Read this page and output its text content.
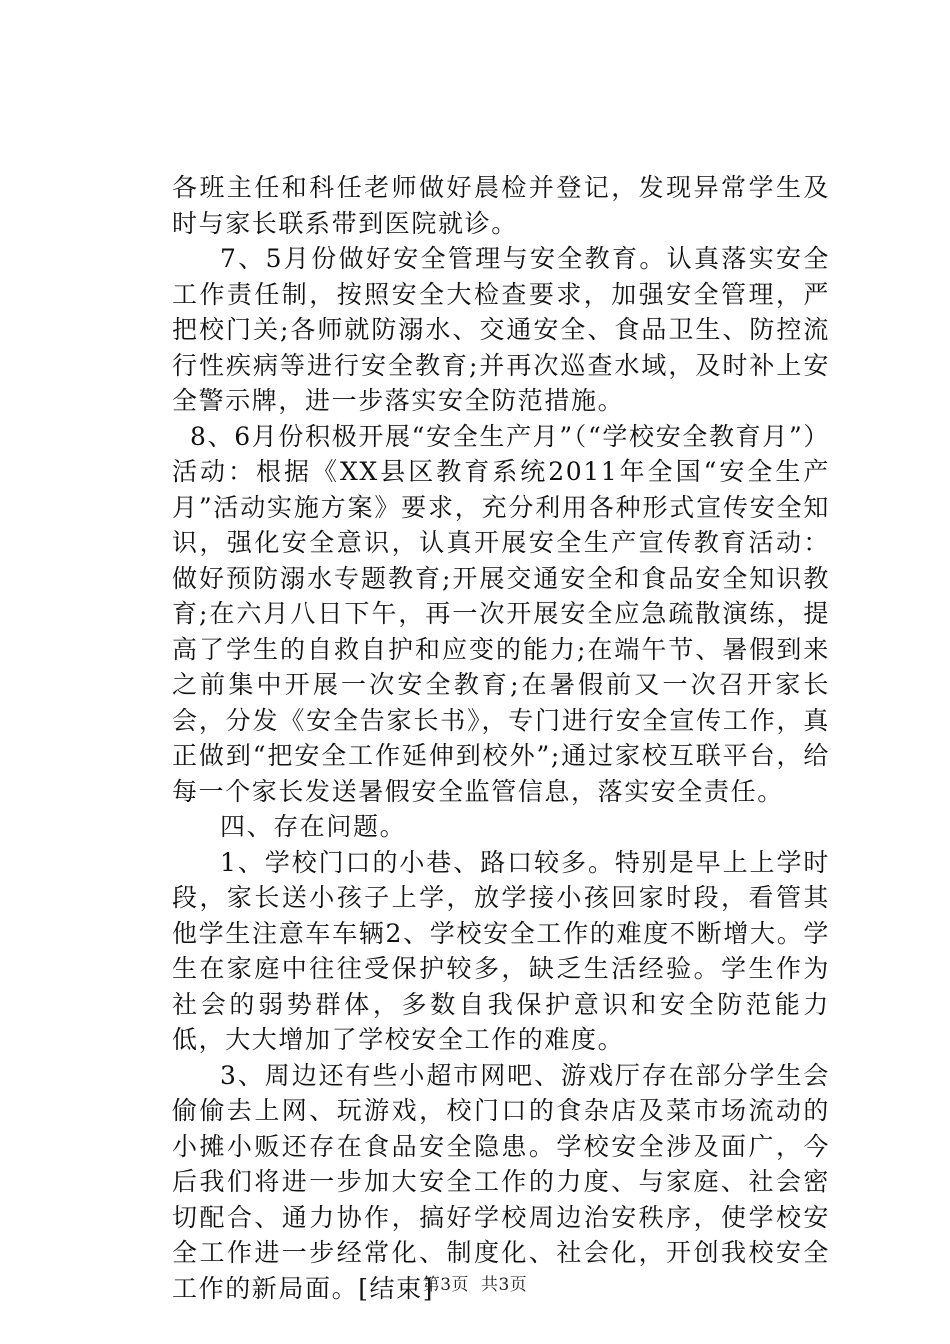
各班主任和科任老师做好晨检并登记，发现异常学生及时与家长联系带到医院就诊。

7、5月份做好安全管理与安全教育。认真落实安全工作责任制，按照安全大检查要求，加强安全管理，严把校门关;各师就防溺水、交通安全、食品卫生、防控流行性疾病等进行安全教育;并再次巡查水域，及时补上安全警示牌，进一步落实安全防范措施。

8、6月份积极开展“安全生产月”（“学校安全教育月”）活动：根据《XX县区教育系统2011年全国“安全生产月”活动实施方案》要求，充分利用各种形式宣传安全知识，强化安全意识，认真开展安全生产宣传教育活动：做好预防溺水专题教育;开展交通安全和食品安全知识教育;在六月八日下午，再一次开展安全应急疏散演练，提高了学生的自救自护和应变的能力;在端午节、暑假到来之前集中开展一次安全教育;在暑假前又一次召开家长会，分发《安全告家长书》，专门进行安全宣传工作，真正做到“把安全工作延伸到校外”;通过家校互联平台，给每一个家长发送暑假安全监管信息，落实安全责任。

四、存在问题。

1、学校门口的小巷、路口较多。特别是早上上学时段，家长送小孩子上学，放学接小孩回家时段，看管其他学生注意车车辆2、学校安全工作的难度不断增大。学生在家庭中往往受保护较多，缺乏生活经验。学生作为社会的弱势群体，多数自我保护意识和安全防范能力低，大大增加了学校安全工作的难度。

3、周边还有些小超市网吧、游戏厅存在部分学生会偷偷去上网、玩游戏，校门口的食杂店及菜市场流动的小摊小贩还存在食品安全隐患。学校安全涉及面广，今后我们将进一步加大安全工作的力度、与家庭、社会密切配合、通力协作，搞好学校周边治安秩序，使学校安全工作进一步经常化、制度化、社会化，开创我校安全工作的新局面。[结束]

第3页 共3页
